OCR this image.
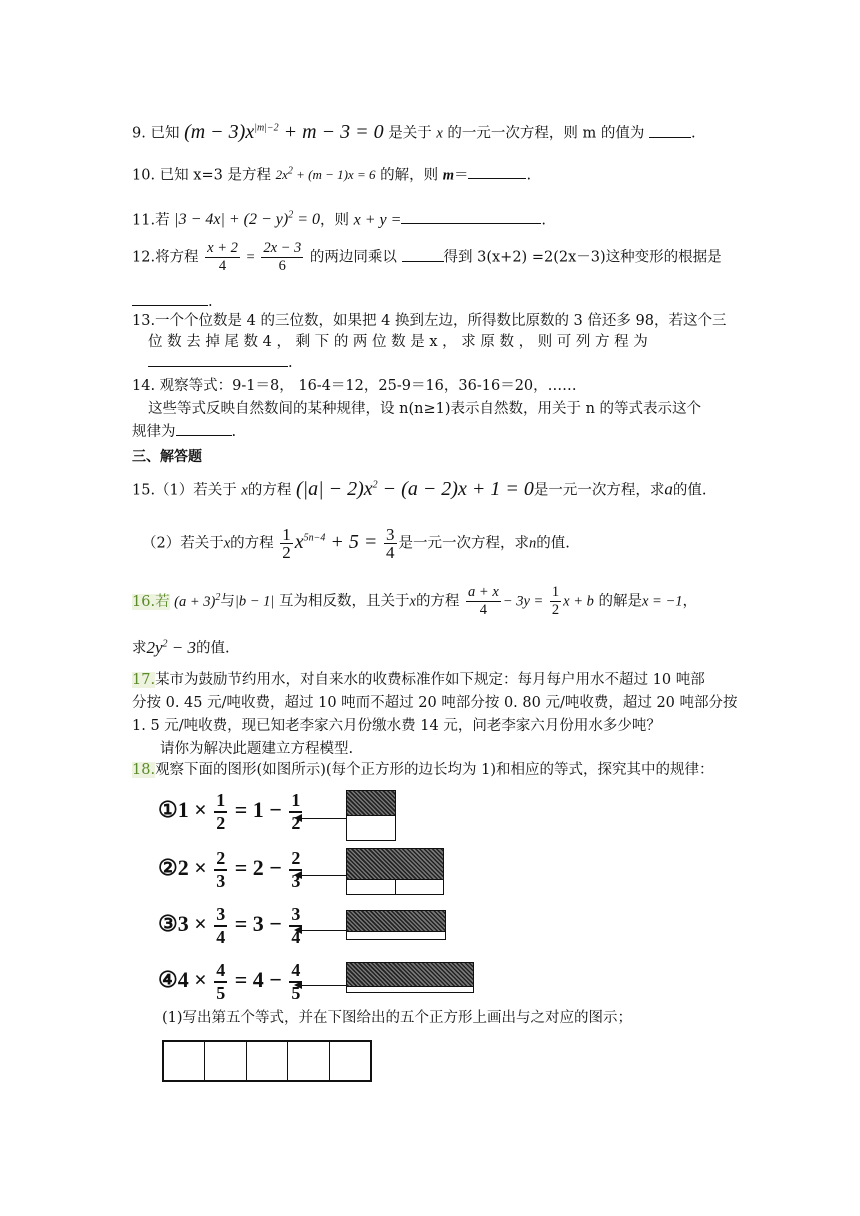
9. 已知 $(m - 3)x^{|m|-2} + m - 3 = 0$ 是关于 x 的一元一次方程，则 m 的值为	.
10. 已知 x=3 是方程 $2x^2 + (m - 1)x = 6$ 的解，则 m＝	.
11.若 $|3 - 4x| + (2 - y)^2 = 0$，则 x + y =	.
12.将方程 $\frac{x + 2}{4} = \frac{2x - 3}{6}$ 的两边同乘以	得到 3(x+2) =2(2x－3)这种变形的根据是
.
13.一个个位数是 4 的三位数，如果把 4 换到左边，所得数比原数的 3 倍还多 98，若这个三
位 数 去 掉 尾 数 4 ， 剩 下 的 两 位 数 是 x ， 求 原 数 ， 则 可 列 方 程 为
.
14. 观察等式：9-1＝8， 16-4＝12，25-9＝16，36-16＝20，……
这些等式反映自然数间的某种规律，设 n(n≥1)表示自然数，用关于 n 的等式表示这个
规律为	.
三、解答题
15.（1）若关于 x的方程 $(|a| - 2)x^2 - (a - 2)x + 1 = 0$是一元一次方程，求a的值.
（2）若关于x的方程 $\frac{1}{2} x^{5n-4} + 5 = \frac{3}{4}$ 是一元一次方程，求n的值.
16.若 $(a + 3)^2$与|b − 1| 互为相反数，且关于x的方程 $\frac{a + x}{4} - 3y = \frac{1}{2}$ x + b 的解是x = −1，
求$2y^2 - 3$的值.
17.某市为鼓励节约用水，对自来水的收费标准作如下规定：每月每户用水不超过 10 吨部
分按 0. 45 元/吨收费，超过 10 吨而不超过 20 吨部分按 0. 80 元/吨收费，超过 20 吨部分按
1. 5 元/吨收费，现已知老李家六月份缴水费 14 元，问老李家六月份用水多少吨？
请你为解决此题建立方程模型.
18.观察下面的图形(如图所示)(每个正方形的边长均为 1)和相应的等式，探究其中的规律：
①1 × $\frac{1}{2} = 1 - \frac{1}{2}$
②2 × $\frac{2}{3} = 2 - \frac{2}{3}$
③3 × $\frac{3}{4} = 3 - \frac{3}{4}$
④4 × $\frac{4}{5} = 4 - \frac{4}{5}$
(1)写出第五个等式，并在下图给出的五个正方形上画出与之对应的图示；
